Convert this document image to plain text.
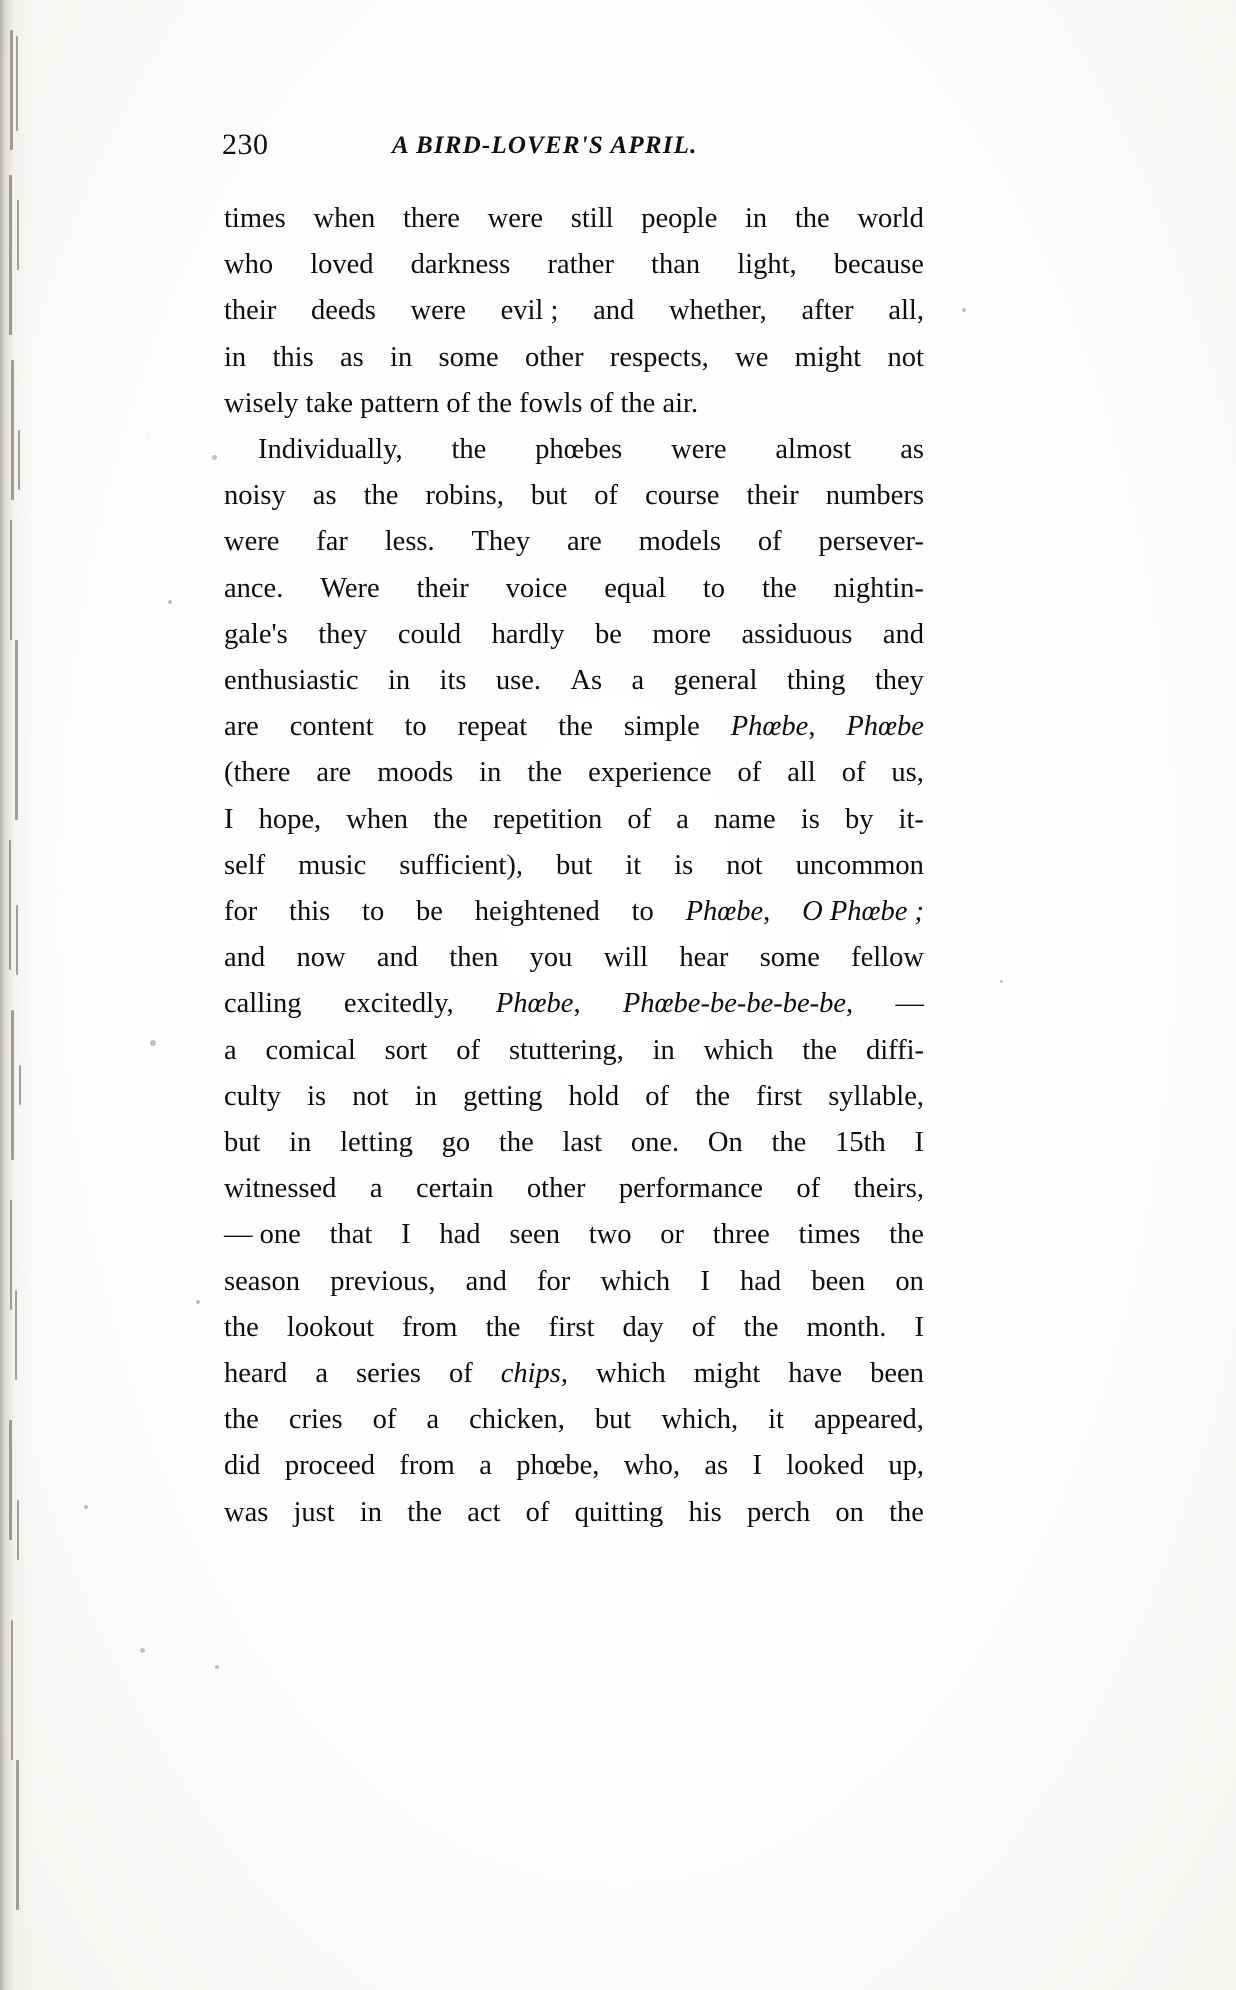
230	A BIRD-LOVER'S APRIL.

times when there were still people in the world
who loved darkness rather than light, because
their deeds were evil ; and whether, after all,
in this as in some other respects, we might not
wisely take pattern of the fowls of the air.

Individually, the phœbes were almost as
noisy as the robins, but of course their numbers
were far less. They are models of persever-
ance. Were their voice equal to the nightin-
gale's they could hardly be more assiduous and
enthusiastic in its use. As a general thing they
are content to repeat the simple Phœbe, Phœbe
(there are moods in the experience of all of us,
I hope, when the repetition of a name is by it-
self music sufficient), but it is not uncommon
for this to be heightened to Phœbe, O Phœbe ;
and now and then you will hear some fellow
calling excitedly, Phœbe, Phœbe-be-be-be-be, —
a comical sort of stuttering, in which the diffi-
culty is not in getting hold of the first syllable,
but in letting go the last one. On the 15th I
witnessed a certain other performance of theirs,
— one that I had seen two or three times the
season previous, and for which I had been on
the lookout from the first day of the month. I
heard a series of chips, which might have been
the cries of a chicken, but which, it appeared,
did proceed from a phœbe, who, as I looked up,
was just in the act of quitting his perch on the
